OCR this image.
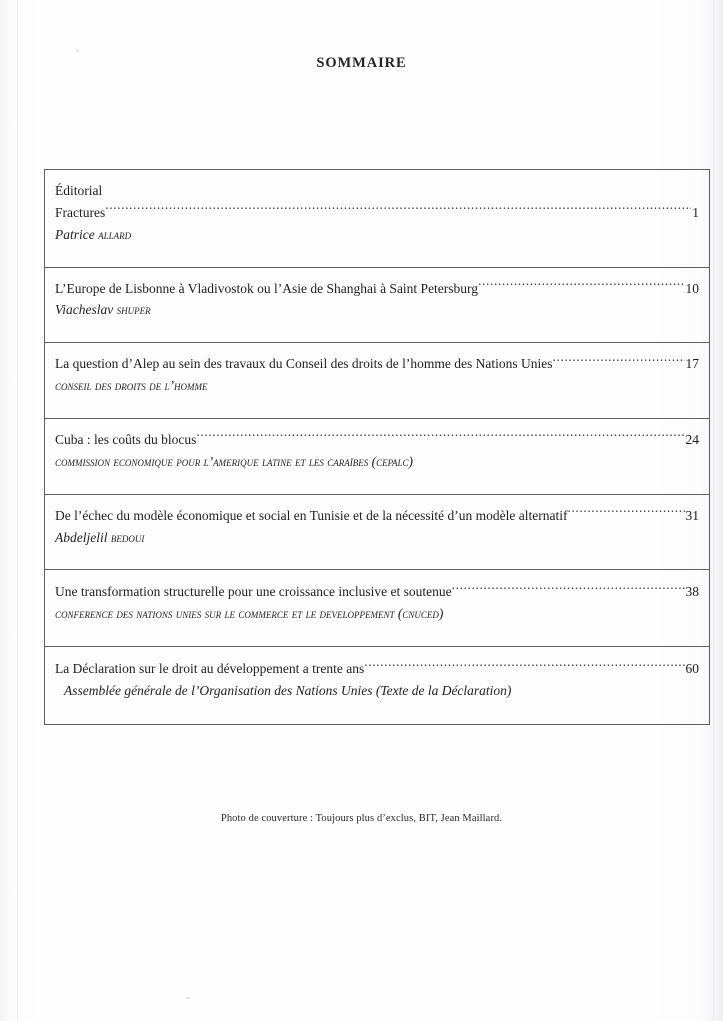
SOMMAIRE
Éditorial
Fractures .....	1
Patrice allard
L’Europe de Lisbonne à Vladivostok ou l’Asie de Shanghai à Saint Petersburg .....	10
Viacheslav shuper
La question d’Alep au sein des travaux du Conseil des droits de l’homme des Nations Unies .....	17
conseil des droits de l’homme
Cuba : les coûts du blocus .....	24
commission economique pour l’amerique latine et les caraïbes (cepalc)
De l’échec du modèle économique et social en Tunisie et de la nécessité d’un modèle alternatif .....	31
Abdeljelil bedoui
Une transformation structurelle pour une croissance inclusive et soutenue .....	38
conference des nations unies sur le commerce et le developpement (cnuced)
La Déclaration sur le droit au développement a trente ans .....	60
Assemblée générale de l’Organisation des Nations Unies (Texte de la Déclaration)
Photo de couverture : Toujours plus d’exclus, BIT, Jean Maillard.
